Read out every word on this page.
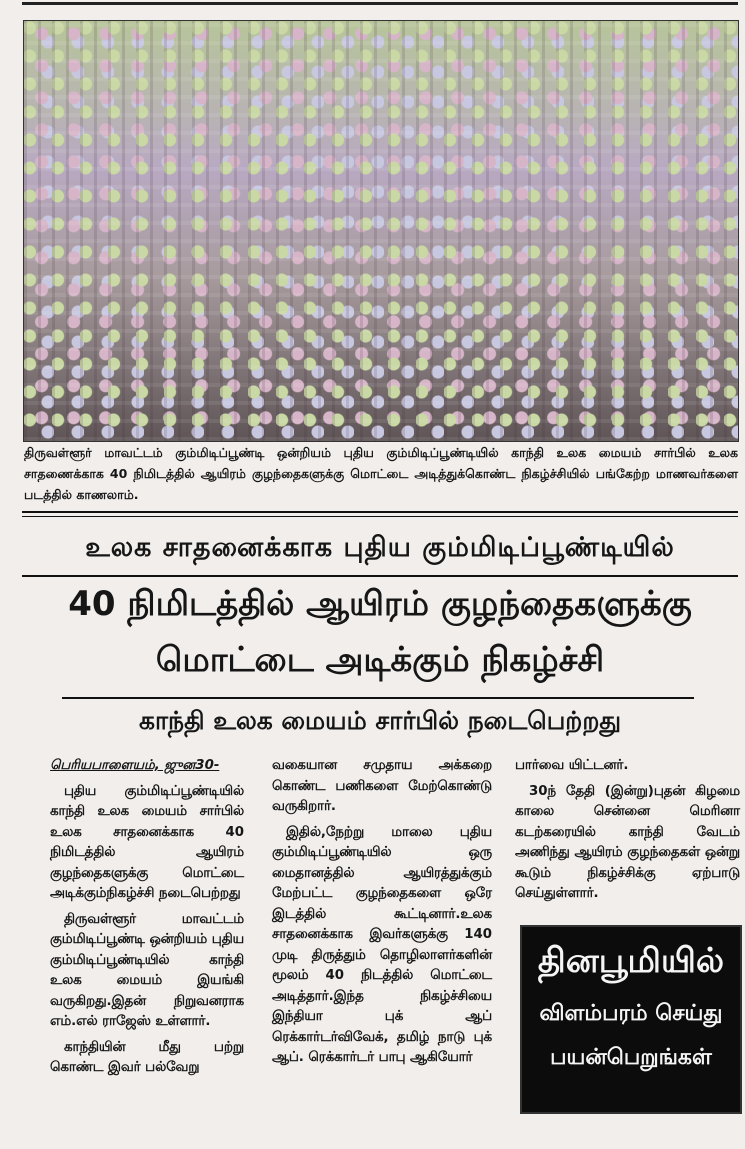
திருவள்ளூர் மாவட்டம் கும்மிடிப்பூண்டி ஒன்றியம் புதிய கும்மிடிப்பூண்டியில் காந்தி உலக மையம் சார்பில் உலக சாதணைக்காக 40 நிமிடத்தில் ஆயிரம் குழந்தைகளுக்கு மொட்டை அடித்துக்கொண்ட நிகழ்ச்சியில் பங்கேற்ற மாணவர்களை படத்தில் காணலாம்.
உலக சாதனைக்காக புதிய கும்மிடிப்பூண்டியில்
40 நிமிடத்தில் ஆயிரம் குழந்தைகளுக்கு
மொட்டை அடிக்கும் நிகழ்ச்சி
காந்தி உலக மையம் சார்பில் நடைபெற்றது

பெரியபாளையம், ஜுன30-

புதிய கும்மிடிப்பூண்டியில் காந்தி உலக மையம் சார்பில் உலக சாதனைக்காக 40 நிமிடத்தில் ஆயிரம் குழந்தைகளுக்கு மொட்டை அடிக்கும்நிகழ்ச்சி நடைபெற்றது

திருவள்ளூர் மாவட்டம் கும்மிடிப்பூண்டி ஒன்றியம் புதிய கும்மிடிப்பூண்டியில் காந்தி உலக மையம் இயங்கி வருகிறது.இதன் நிறுவனராக எம்.எல் ராஜேஸ் உள்ளார்.

காந்தியின் மீது பற்று கொண்ட இவர் பல்வேறு

வகையான சமுதாய அக்கறை கொண்ட பணிகளை மேற்கொண்டு வருகிறார்.

இதில்,நேற்று மாலை புதிய கும்மிடிப்பூண்டியில் ஒரு மைதானத்தில் ஆயிரத்துக்கும் மேற்பட்ட குழந்தைகளை ஒரே இடத்தில் கூட்டினார்.உலக சாதனைக்காக இவர்களுக்கு 140 முடி திருத்தும் தொழிலாளர்களின் மூலம் 40 நிடத்தில் மொட்டை அடித்தார்.இந்த நிகழ்ச்சியை இந்தியா புக் ஆப் ரெக்கார்டர்விவேக், தமிழ் நாடு புக் ஆப். ரெக்கார்டர் பாபு ஆகியோர்

பார்வை யிட்டனர்.

30ந் தேதி (இன்று)புதன் கிழமை காலை சென்னை மெரினா கடற்கரையில் காந்தி வேடம் அணிந்து ஆயிரம் குழந்தைகள் ஒன்று கூடும் நிகழ்ச்சிக்கு ஏற்பாடு செய்துள்ளார்.

தினபூமியில்
விளம்பரம் செய்து
பயன்பெறுங்கள்
